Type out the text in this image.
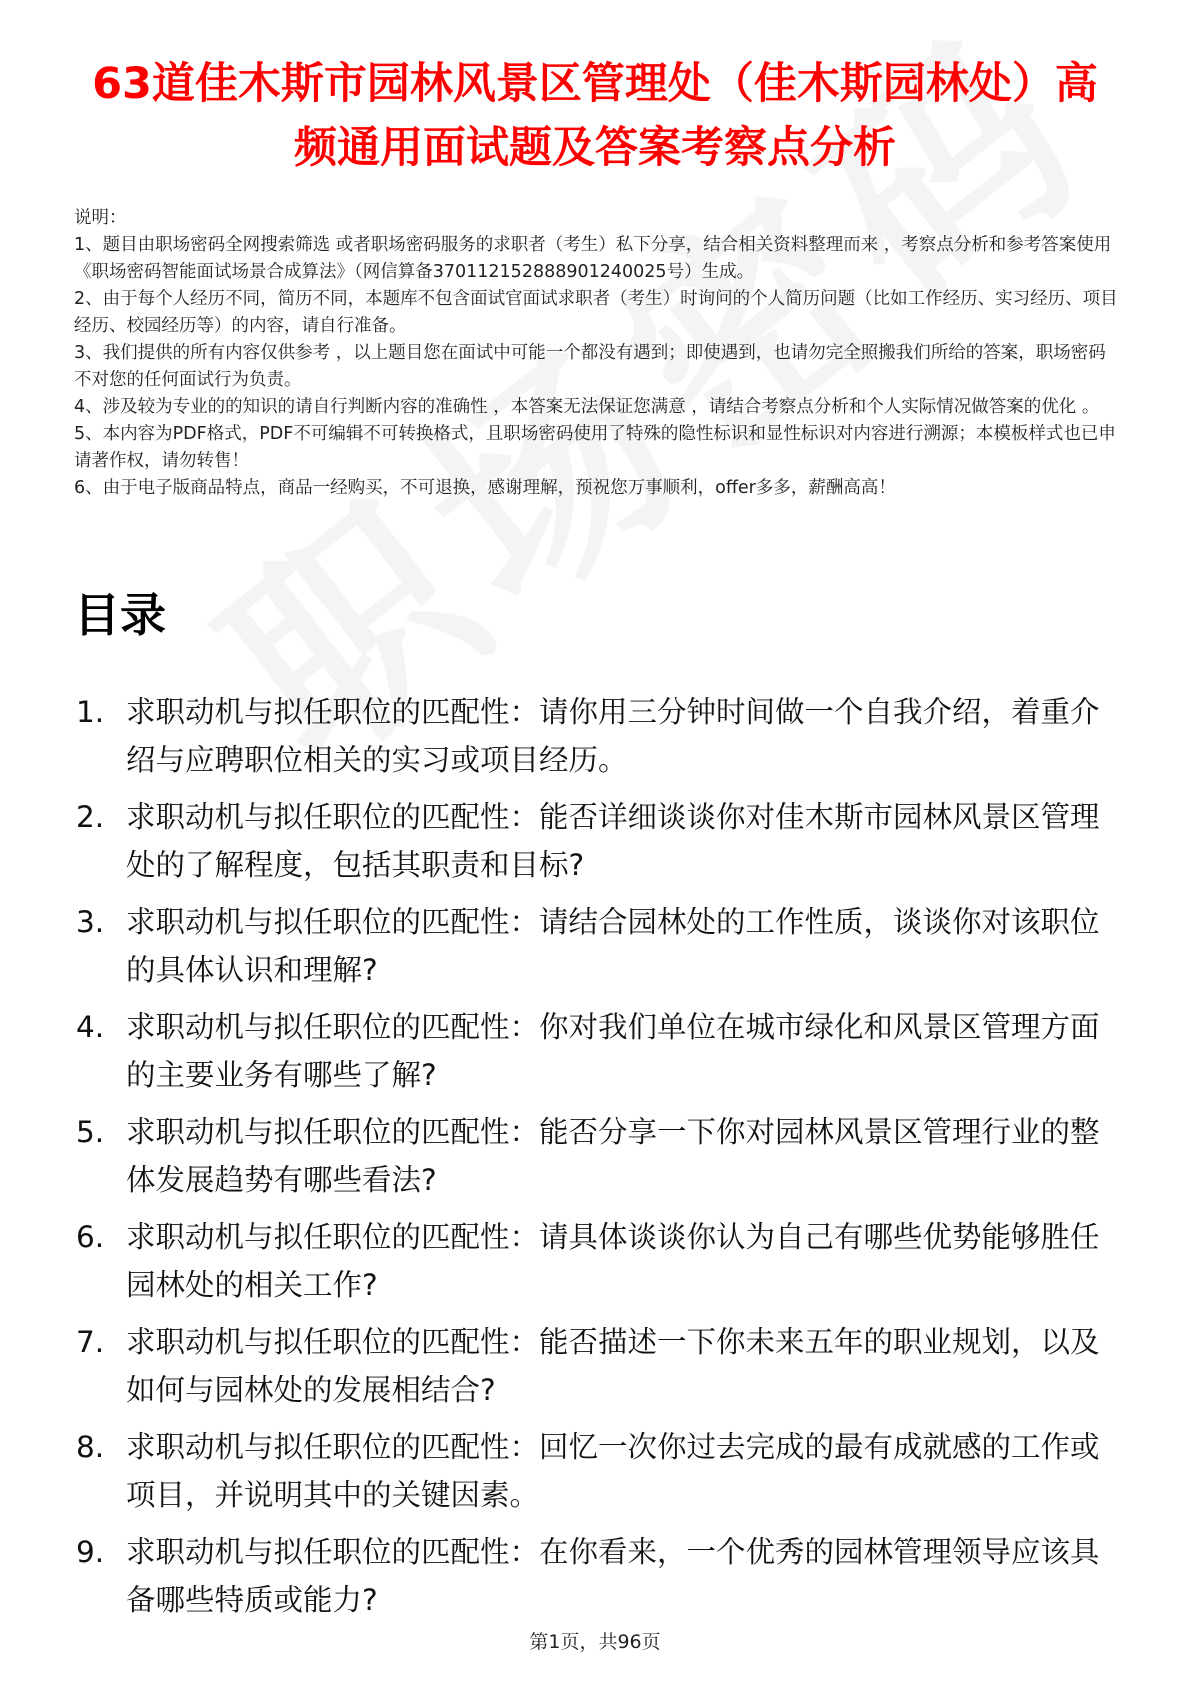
63道佳木斯市园林风景区管理处（佳木斯园林处）高频通用面试题及答案考察点分析

说明：

1、题目由职场密码全网搜索筛选 或者职场密码服务的求职者（考生）私下分享，结合相关资料整理而来 ，考察点分析和参考答案使用《职场密码智能面试场景合成算法》（网信算备370112152888901240025号）生成。

2、由于每个人经历不同，简历不同，本题库不包含面试官面试求职者（考生）时询问的个人简历问题（比如工作经历、实习经历、项目经历、校园经历等）的内容，请自行准备。

3、我们提供的所有内容仅供参考 ，以上题目您在面试中可能一个都没有遇到；即使遇到，也请勿完全照搬我们所给的答案，职场密码不对您的任何面试行为负责。

4、涉及较为专业的的知识的请自行判断内容的准确性 ，本答案无法保证您满意 ，请结合考察点分析和个人实际情况做答案的优化 。

5、本内容为PDF格式，PDF不可编辑不可转换格式，且职场密码使用了特殊的隐性标识和显性标识对内容进行溯源；本模板样式也已申请著作权，请勿转售！

6、由于电子版商品特点，商品一经购买，不可退换，感谢理解，预祝您万事顺利，offer多多，薪酬高高！

目录
1. 求职动机与拟任职位的匹配性：请你用三分钟时间做一个自我介绍，着重介绍与应聘职位相关的实习或项目经历。
2. 求职动机与拟任职位的匹配性：能否详细谈谈你对佳木斯市园林风景区管理处的了解程度，包括其职责和目标?
3. 求职动机与拟任职位的匹配性：请结合园林处的工作性质，谈谈你对该职位的具体认识和理解?
4. 求职动机与拟任职位的匹配性：你对我们单位在城市绿化和风景区管理方面的主要业务有哪些了解?
5. 求职动机与拟任职位的匹配性：能否分享一下你对园林风景区管理行业的整体发展趋势有哪些看法?
6. 求职动机与拟任职位的匹配性：请具体谈谈你认为自己有哪些优势能够胜任园林处的相关工作?
7. 求职动机与拟任职位的匹配性：能否描述一下你未来五年的职业规划，以及如何与园林处的发展相结合?
8. 求职动机与拟任职位的匹配性：回忆一次你过去完成的最有成就感的工作或项目，并说明其中的关键因素。
9. 求职动机与拟任职位的匹配性：在你看来，一个优秀的园林管理领导应该具备哪些特质或能力?
第1页，共96页
